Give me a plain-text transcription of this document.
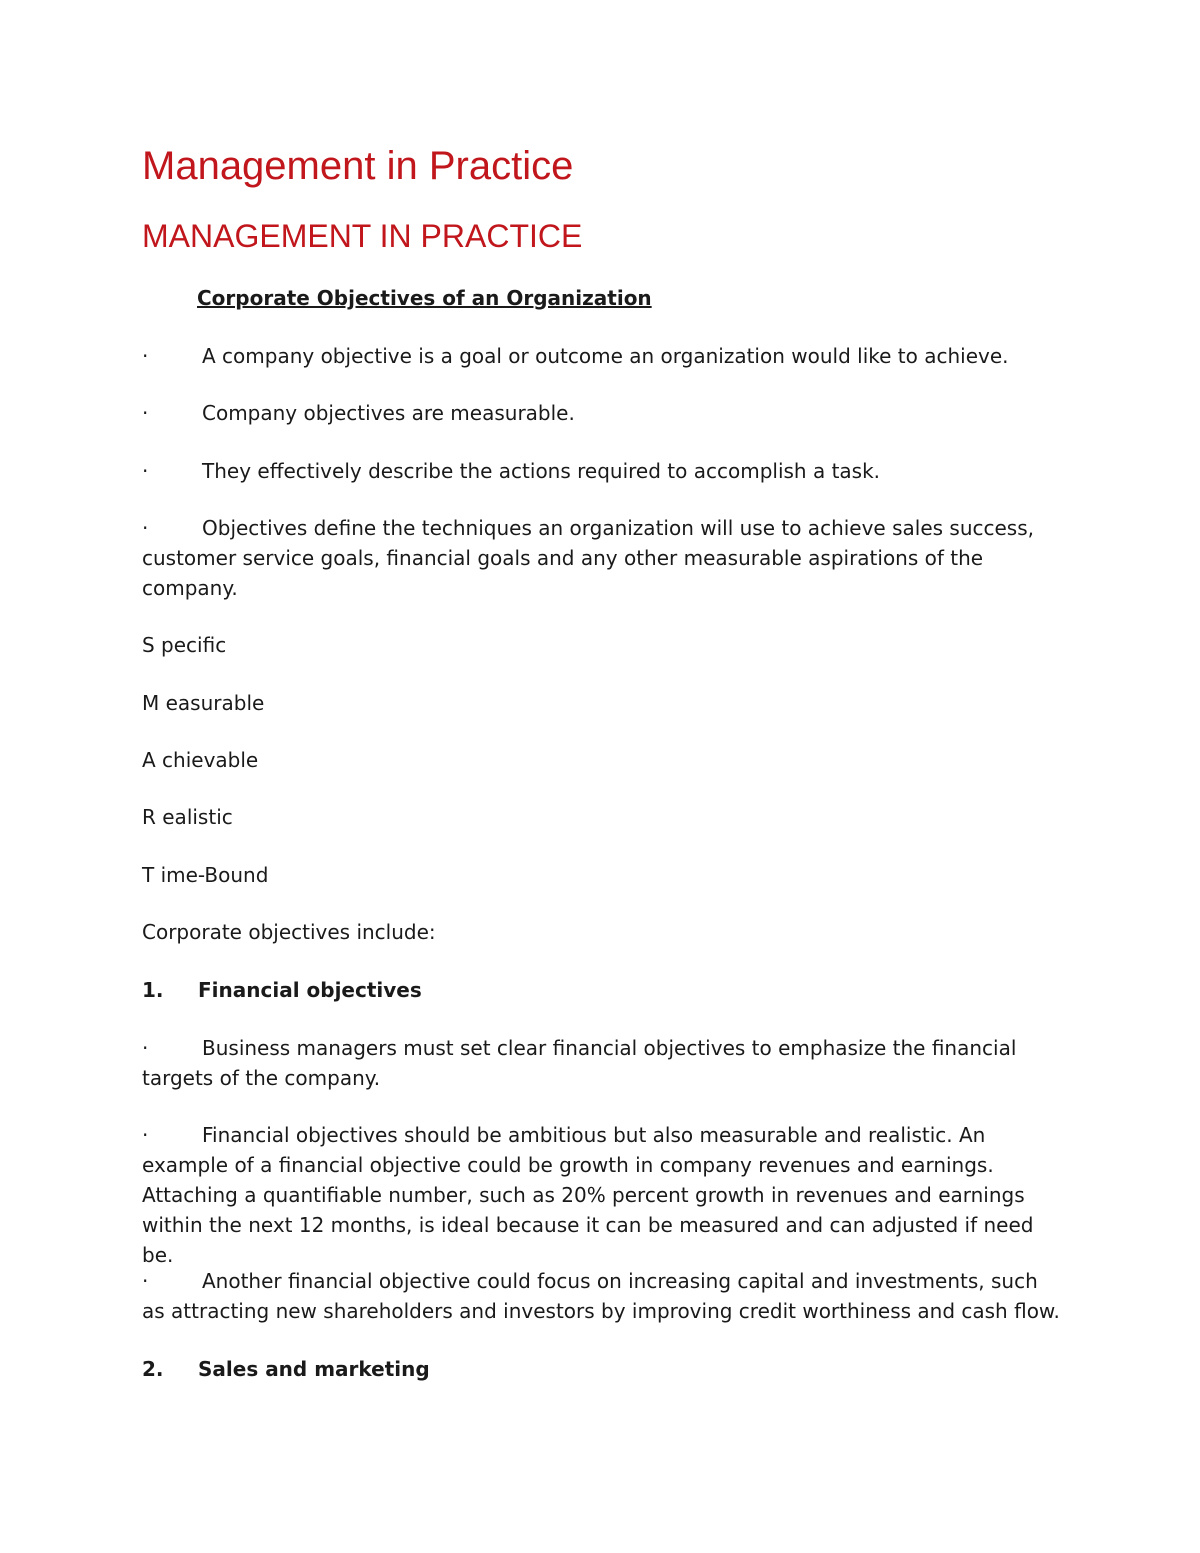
Management in Practice
MANAGEMENT IN PRACTICE
Corporate Objectives of an Organization

·	A company objective is a goal or outcome an organization would like to achieve.

·	Company objectives are measurable.

·	They effectively describe the actions required to accomplish a task.

·	Objectives define the techniques an organization will use to achieve sales success, customer service goals, financial goals and any other measurable aspirations of the company.

S pecific

M easurable

A chievable

R ealistic

T ime-Bound

Corporate objectives include:

1. Financial objectives

·	Business managers must set clear financial objectives to emphasize the financial targets of the company.

·	Financial objectives should be ambitious but also measurable and realistic. An example of a financial objective could be growth in company revenues and earnings. Attaching a quantifiable number, such as 20% percent growth in revenues and earnings within the next 12 months, is ideal because it can be measured and can adjusted if need be.

·	Another financial objective could focus on increasing capital and investments, such as attracting new shareholders and investors by improving credit worthiness and cash flow.

2. Sales and marketing
